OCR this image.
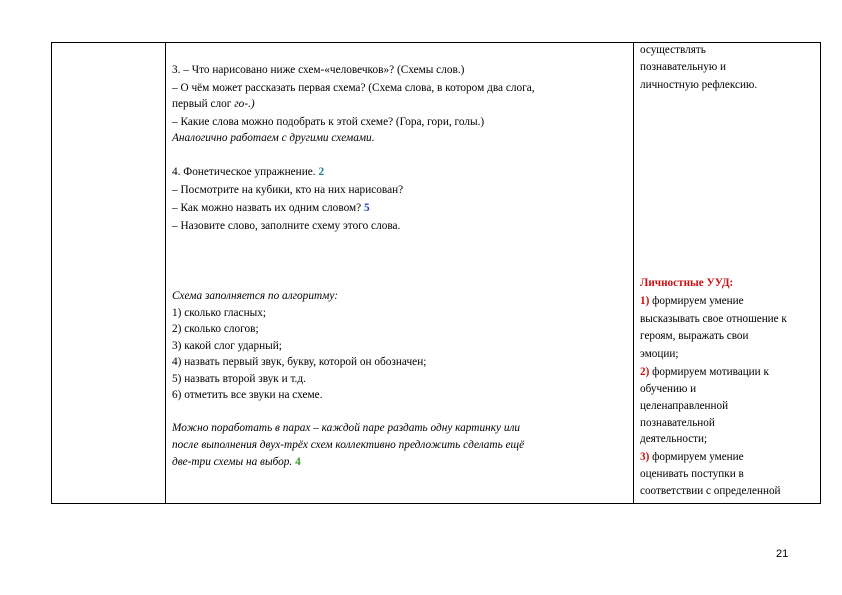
3. – Что нарисовано ниже схем-«человечков»? (Схемы слов.)
– О чём может рассказать первая схема? (Схема слова, в котором два слога,
первый слог го-.)
– Какие слова можно подобрать к этой схеме? (Гора, гори, голы.)
Аналогично работаем с другими схемами.
4. Фонетическое упражнение. 2
– Посмотрите на кубики, кто на них нарисован?
– Как можно назвать их одним словом? 5
– Назовите слово, заполните схему этого слова.
Схема заполняется по алгоритму:
1) сколько гласных;
2) сколько слогов;
3) какой слог ударный;
4) назвать первый звук, букву, которой он обозначен;
5) назвать второй звук и т.д.
6) отметить все звуки на схеме.
Можно поработать в парах – каждой паре раздать одну картинку или
после выполнения двух-трёх схем коллективно предложить сделать ещё
две-три схемы на выбор. 4
осуществлять
познавательную и
личностную рефлексию.
Личностные УУД:
1) формируем умение
высказывать свое отношение к
героям, выражать свои
эмоции;
2) формируем мотивации к
обучению и
целенаправленной
познавательной
деятельности;
3) формируем умение
оценивать поступки в
соответствии с определенной
21
